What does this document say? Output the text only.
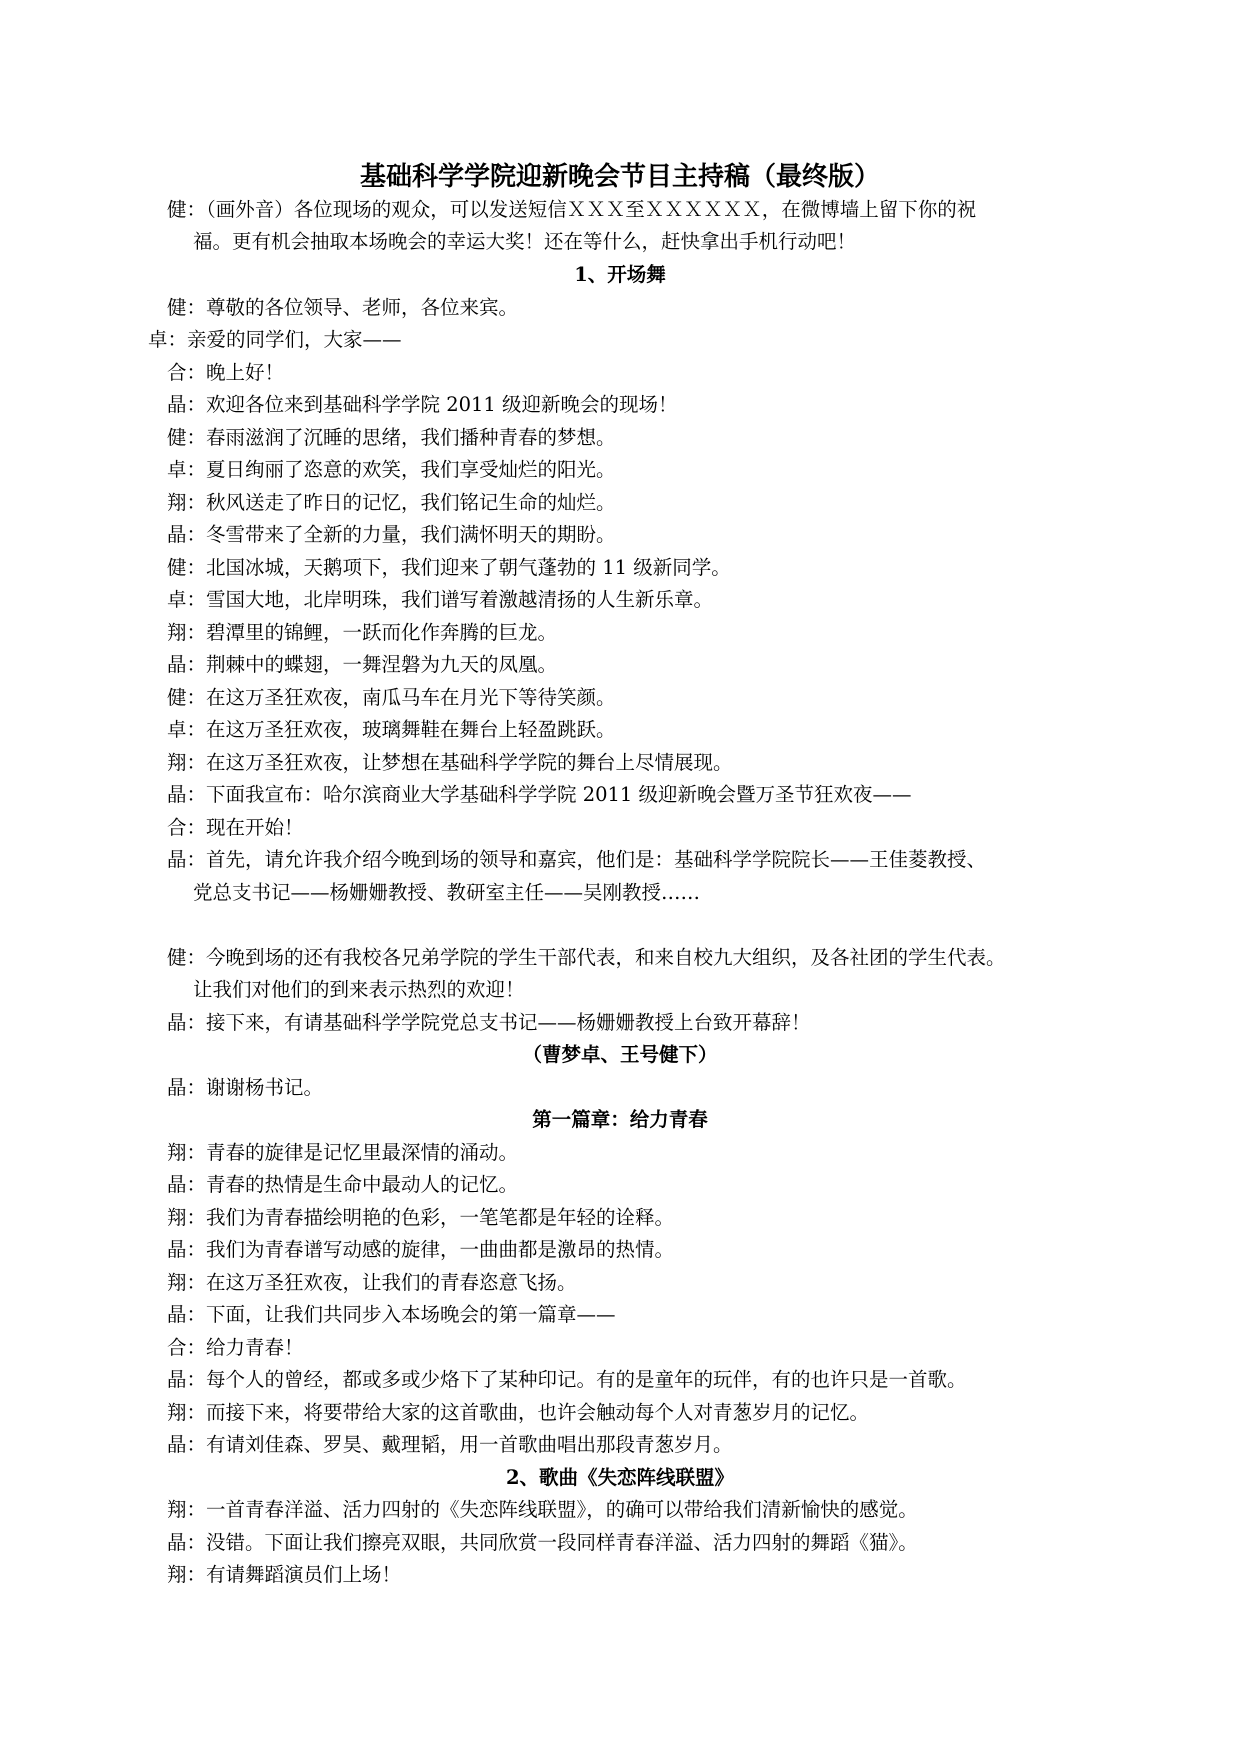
基础科学学院迎新晚会节目主持稿（最终版）
健：（画外音）各位现场的观众，可以发送短信ＸＸＸ至ＸＸＸＸＸＸ，在微博墙上留下你的祝
福。更有机会抽取本场晚会的幸运大奖！还在等什么，赶快拿出手机行动吧！
1、开场舞
健：尊敬的各位领导、老师，各位来宾。
卓：亲爱的同学们，大家——
合：晚上好！
晶：欢迎各位来到基础科学学院 2011 级迎新晚会的现场！
健：春雨滋润了沉睡的思绪，我们播种青春的梦想。
卓：夏日绚丽了恣意的欢笑，我们享受灿烂的阳光。
翔：秋风送走了昨日的记忆，我们铭记生命的灿烂。
晶：冬雪带来了全新的力量，我们满怀明天的期盼。
健：北国冰城，天鹅项下，我们迎来了朝气蓬勃的 11 级新同学。
卓：雪国大地，北岸明珠，我们谱写着激越清扬的人生新乐章。
翔：碧潭里的锦鲤，一跃而化作奔腾的巨龙。
晶：荆棘中的蝶翅，一舞涅磐为九天的凤凰。
健：在这万圣狂欢夜，南瓜马车在月光下等待笑颜。
卓：在这万圣狂欢夜，玻璃舞鞋在舞台上轻盈跳跃。
翔：在这万圣狂欢夜，让梦想在基础科学学院的舞台上尽情展现。
晶：下面我宣布：哈尔滨商业大学基础科学学院 2011 级迎新晚会暨万圣节狂欢夜——
合：现在开始！
晶：首先，请允许我介绍今晚到场的领导和嘉宾，他们是：基础科学学院院长——王佳菱教授、
党总支书记——杨姗姗教授、教研室主任——吴刚教授……
健：今晚到场的还有我校各兄弟学院的学生干部代表，和来自校九大组织，及各社团的学生代表。
让我们对他们的到来表示热烈的欢迎！
晶：接下来，有请基础科学学院党总支书记——杨姗姗教授上台致开幕辞！
（曹梦卓、王号健下）
晶：谢谢杨书记。
第一篇章：给力青春
翔：青春的旋律是记忆里最深情的涌动。
晶：青春的热情是生命中最动人的记忆。
翔：我们为青春描绘明艳的色彩，一笔笔都是年轻的诠释。
晶：我们为青春谱写动感的旋律，一曲曲都是激昂的热情。
翔：在这万圣狂欢夜，让我们的青春恣意飞扬。
晶：下面，让我们共同步入本场晚会的第一篇章——
合：给力青春！
晶：每个人的曾经，都或多或少烙下了某种印记。有的是童年的玩伴，有的也许只是一首歌。
翔：而接下来，将要带给大家的这首歌曲，也许会触动每个人对青葱岁月的记忆。
晶：有请刘佳森、罗昊、戴理韬，用一首歌曲唱出那段青葱岁月。
2、歌曲《失恋阵线联盟》
翔：一首青春洋溢、活力四射的《失恋阵线联盟》，的确可以带给我们清新愉快的感觉。
晶：没错。下面让我们擦亮双眼，共同欣赏一段同样青春洋溢、活力四射的舞蹈《猫》。
翔：有请舞蹈演员们上场！
